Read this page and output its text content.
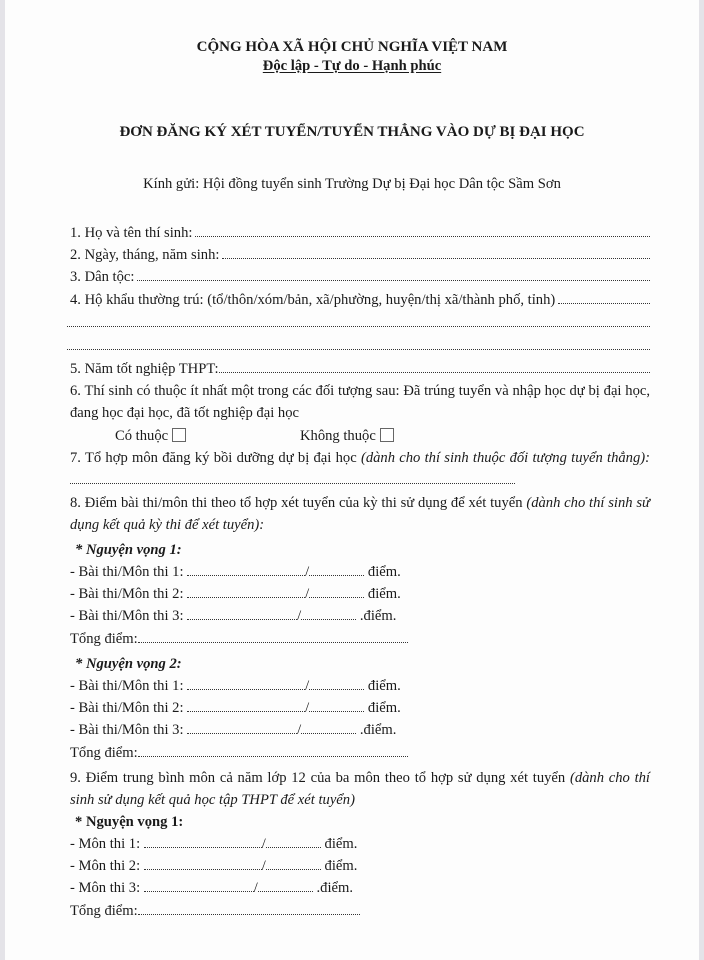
CỘNG HÒA XÃ HỘI CHỦ NGHĨA VIỆT NAM
Độc lập - Tự do - Hạnh phúc
ĐƠN ĐĂNG KÝ XÉT TUYỂN/TUYỂN THẲNG VÀO DỰ BỊ ĐẠI HỌC
Kính gửi: Hội đồng tuyển sinh Trường Dự bị Đại học Dân tộc Sầm Sơn
1. Họ và tên thí sinh:
2. Ngày, tháng, năm sinh:
3. Dân tộc:
4. Hộ khẩu thường trú: (tổ/thôn/xóm/bản, xã/phường, huyện/thị xã/thành phố, tỉnh)
5. Năm tốt nghiệp THPT:
6. Thí sinh có thuộc ít nhất một trong các đối tượng sau: Đã trúng tuyển và nhập học dự bị đại học, đang học đại học, đã tốt nghiệp đại học
Có thuộc	Không thuộc
7. Tổ hợp môn đăng ký bồi dưỡng dự bị đại học (dành cho thí sinh thuộc đối tượng tuyển thẳng):
8. Điểm bài thi/môn thi theo tổ hợp xét tuyển của kỳ thi sử dụng để xét tuyển (dành cho thí sinh sử dụng kết quả kỳ thi để xét tuyển):
* Nguyện vọng 1:
- Bài thi/Môn thi 1:	/	điểm.
- Bài thi/Môn thi 2:	/	điểm.
- Bài thi/Môn thi 3:	/	.điểm.
Tổng điểm:
* Nguyện vọng 2:
- Bài thi/Môn thi 1:	/	điểm.
- Bài thi/Môn thi 2:	/	điểm.
- Bài thi/Môn thi 3:	/	.điểm.
Tổng điểm:
9. Điểm trung bình môn cả năm lớp 12 của ba môn theo tổ hợp sử dụng xét tuyển (dành cho thí sinh sử dụng kết quả học tập THPT để xét tuyển)
* Nguyện vọng 1:
- Môn thi 1:	/	điểm.
- Môn thi 2:	/	điểm.
- Môn thi 3:	/	.điểm.
Tổng điểm:
